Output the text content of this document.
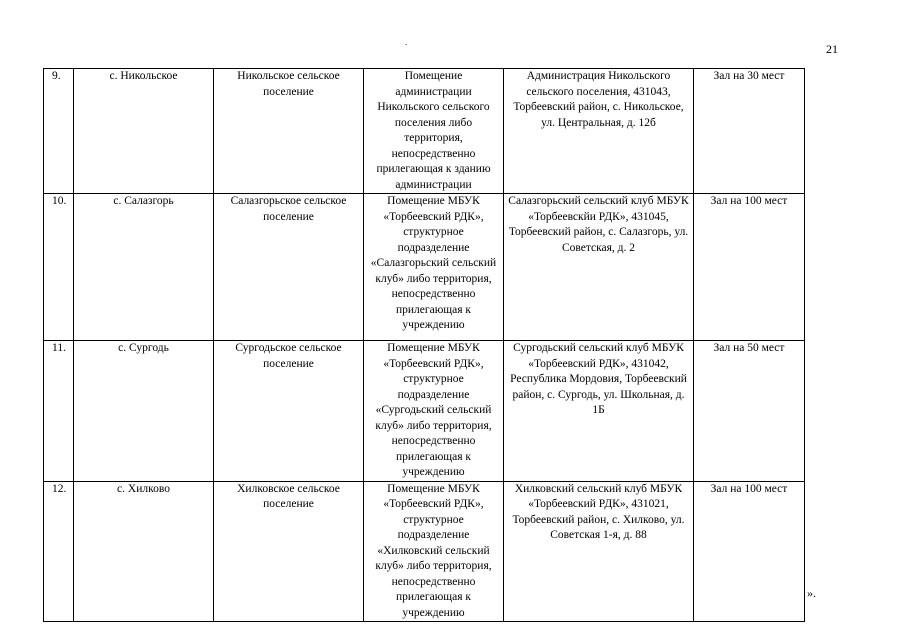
21
9.	с. Никольское	Никольское сельское поселение	Помещение администрации Никольского сельского поселения либо территория, непосредственно прилегающая к зданию администрации	Администрация Никольского сельского поселения, 431043, Торбеевский район, с. Никольское, ул. Центральная, д. 12б	Зал на 30 мест
10.	с. Салазгорь	Салазгорьское сельское поселение	Помещение МБУК «Торбеевский РДК», структурное подразделение «Салазгорьский сельский клуб» либо территория, непосредственно прилегающая к учреждению	Салазгорьский сельский клуб МБУК «Торбеевскйи РДК», 431045, Торбеевский район, с. Салазгорь, ул. Советская, д. 2	Зал на 100 мест
11.	с. Сургодь	Сургодьское сельское поселение	Помещение МБУК «Торбеевский РДК», структурное подразделение «Сургодьский сельский клуб» либо территория, непосредственно прилегающая к учреждению	Сургодьский сельский клуб МБУК «Торбеевский РДК», 431042, Республика Мордовия, Торбеевский район, с. Сургодь, ул. Школьная, д. 1Б	Зал на 50 мест
12.	с. Хилково	Хилковское сельское поселение	Помещение МБУК «Торбеевский РДК», структурное подразделение «Хилковский сельский клуб» либо территория, непосредственно прилегающая к учреждению	Хилковский сельский клуб МБУК «Торбеевский РДК», 431021, Торбеевский район, с. Хилково, ул. Советская 1-я, д. 88	Зал на 100 мест
».
